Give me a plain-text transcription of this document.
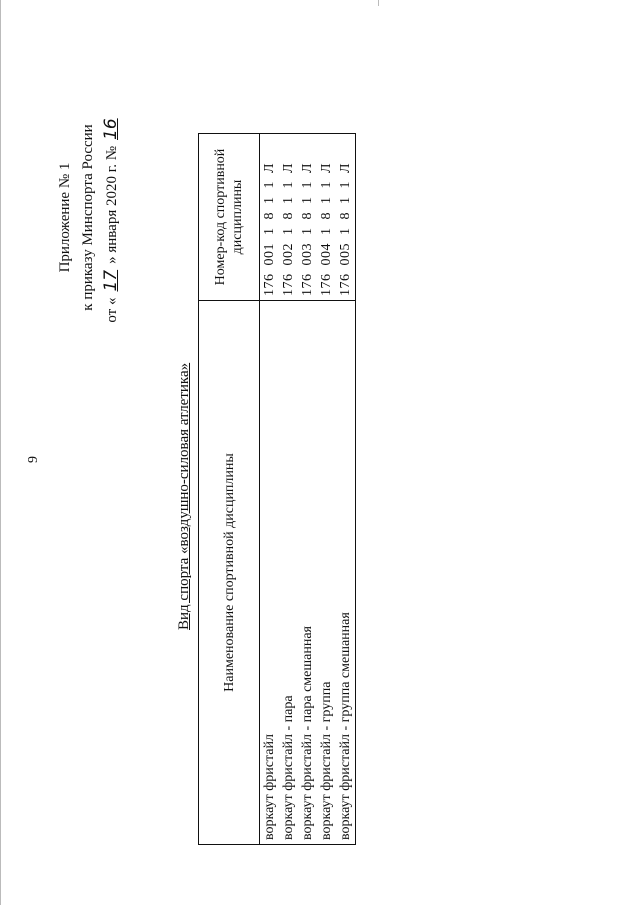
9
Приложение № 1 к приказу Минспорта России от «17» января 2020 г. №16
Вид спорта «воздушно-силовая атлетика» Наименование спортивной дисциплины	Номер-код спортивной дисциплины
воркаут фристайл	176 001 1 8 1 1 Л
воркаут фристайл - пара	176 002 1 8 1 1 Л
воркаут фристайл - пара смешанная	176 003 1 8 1 1 Л
воркаут фристайл - группа	176 004 1 8 1 1 Л
воркаут фристайл - группа смешанная	176 005 1 8 1 1 Л
